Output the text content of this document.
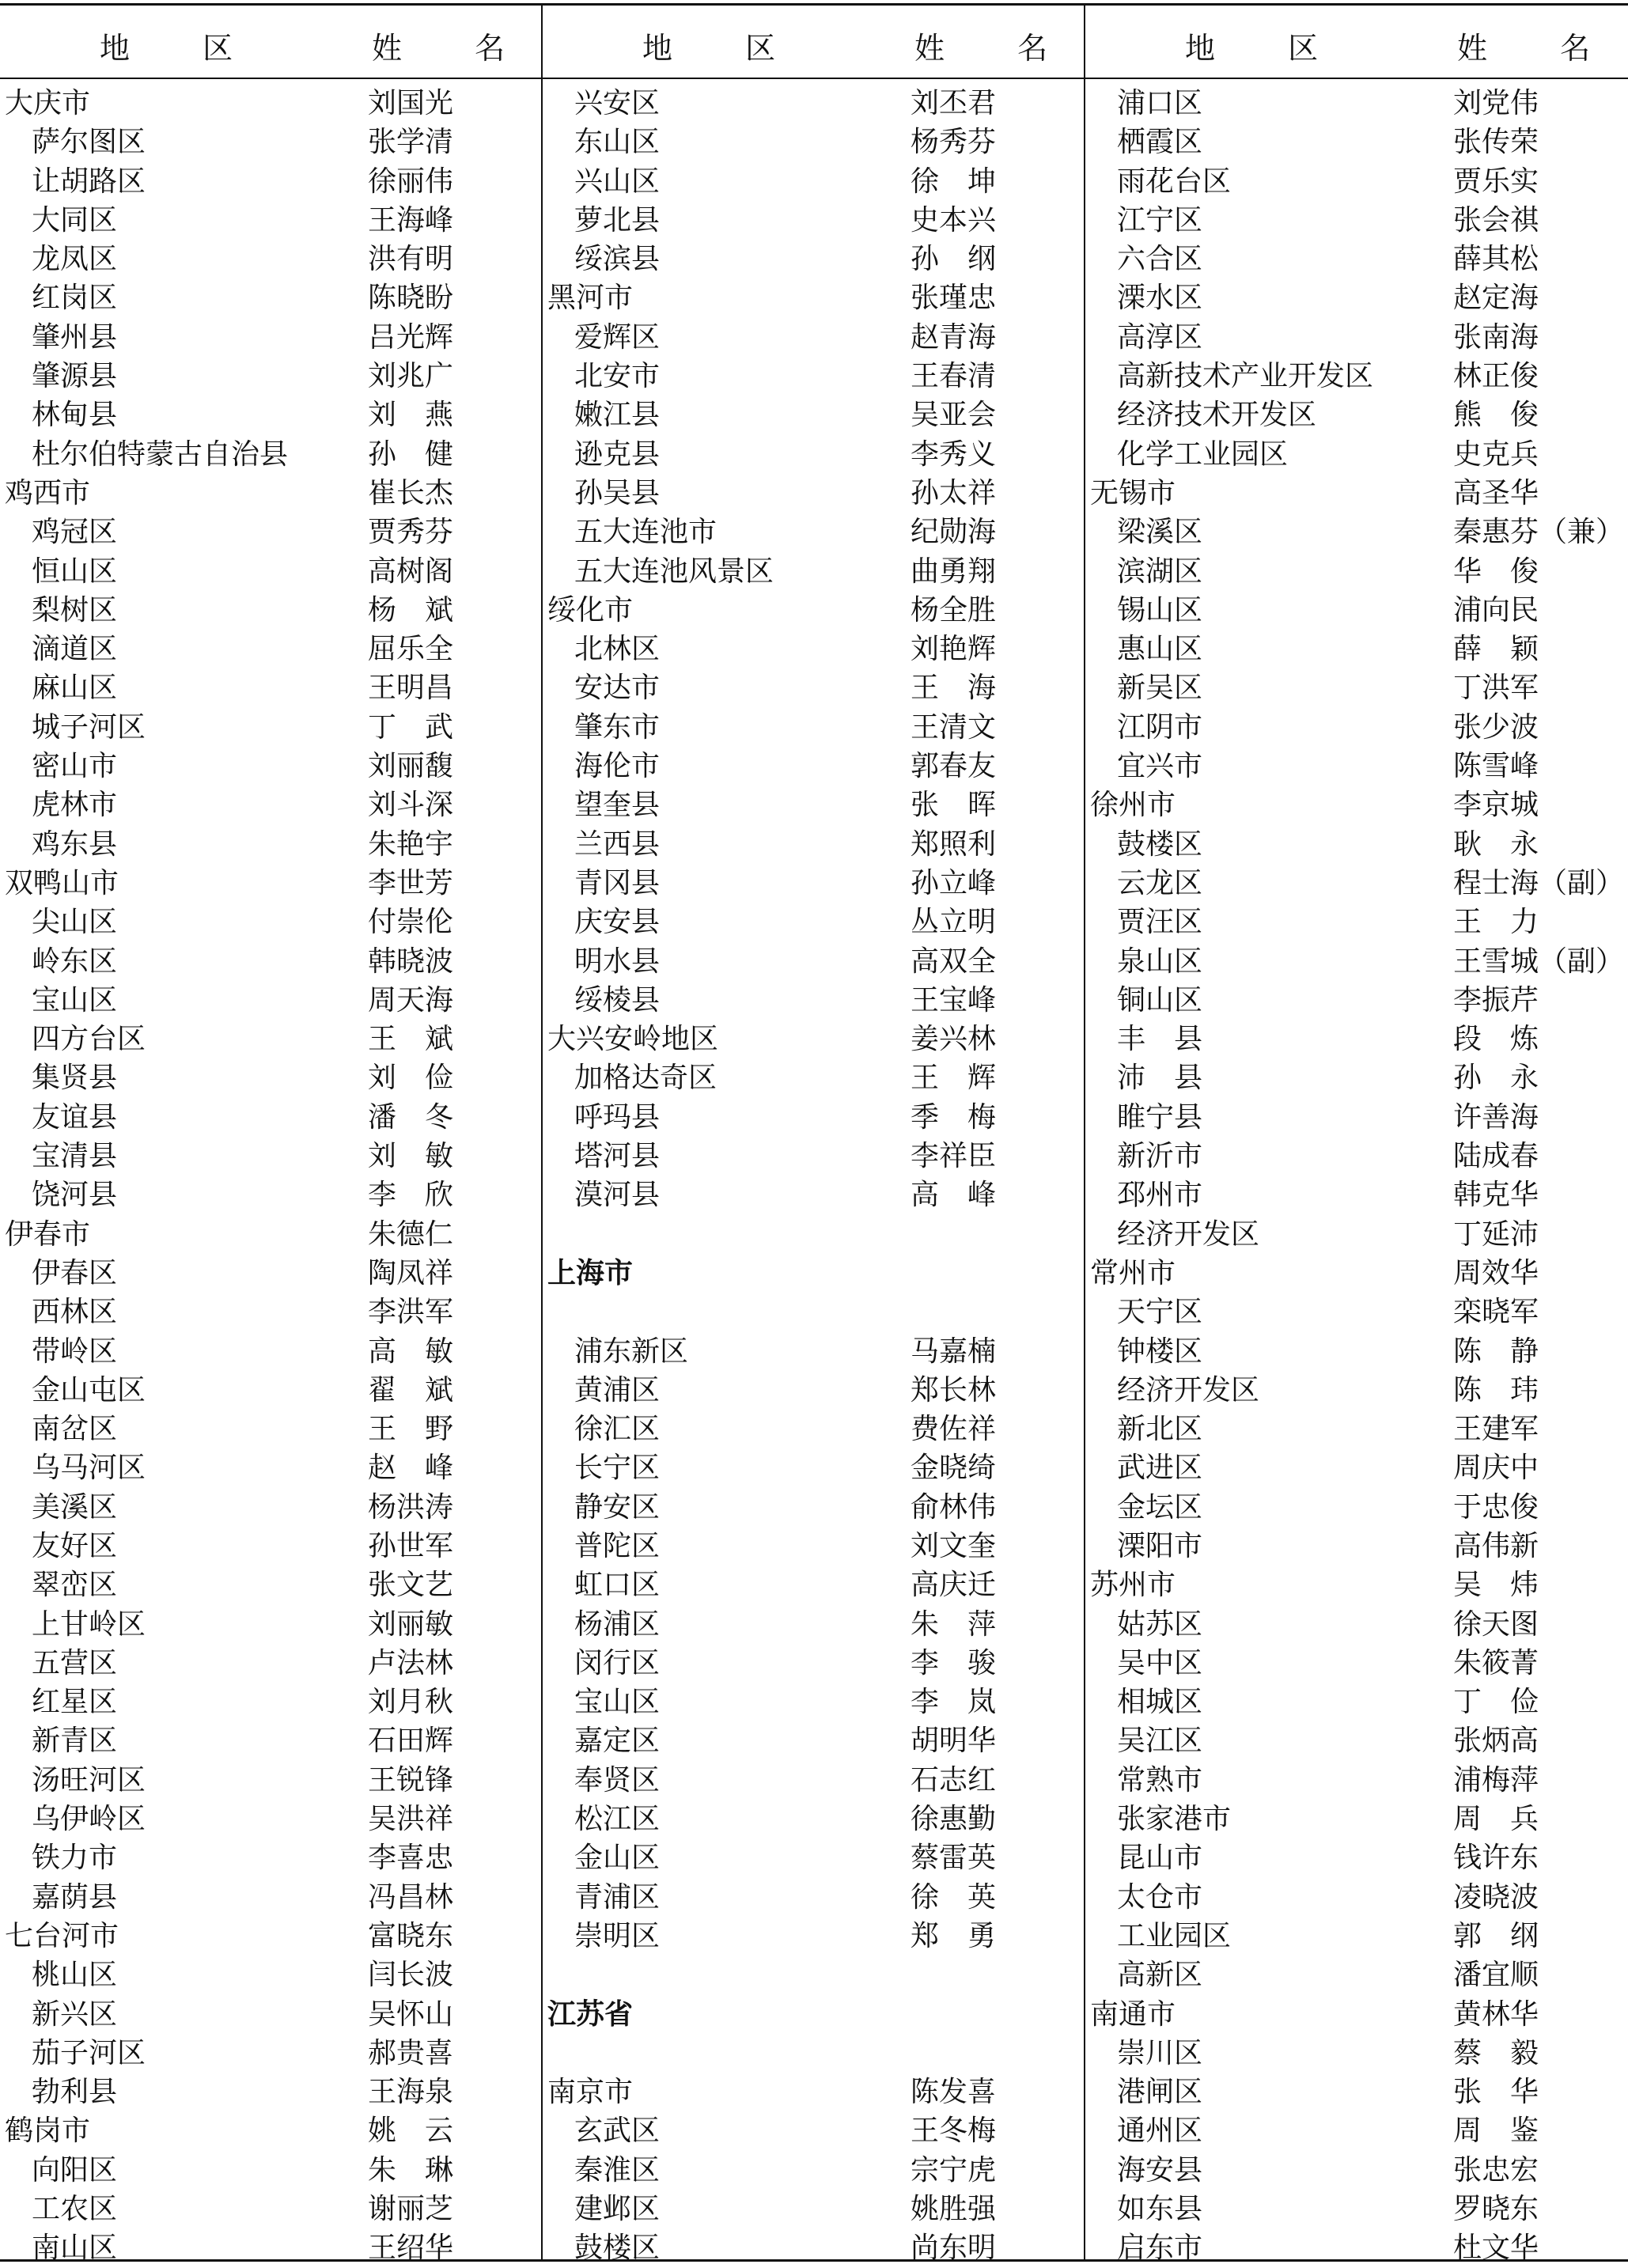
地 区	姓 名
大庆市	刘国光
萨尔图区	张学清
让胡路区	徐丽伟
大同区	王海峰
龙凤区	洪有明
红岗区	陈晓盼
肇州县	吕光辉
肇源县	刘兆广
林甸县	刘　燕
杜尔伯特蒙古自治县	孙　健
鸡西市	崔长杰
鸡冠区	贾秀芬
恒山区	高树阁
梨树区	杨　斌
滴道区	屈乐全
麻山区	王明昌
城子河区	丁　武
密山市	刘丽馥
虎林市	刘斗深
鸡东县	朱艳宇
双鸭山市	李世芳
尖山区	付崇伦
岭东区	韩晓波
宝山区	周天海
四方台区	王　斌
集贤县	刘　俭
友谊县	潘　冬
宝清县	刘　敏
饶河县	李　欣
伊春市	朱德仁
伊春区	陶凤祥
西林区	李洪军
带岭区	高　敏
金山屯区	翟　斌
南岔区	王　野
乌马河区	赵　峰
美溪区	杨洪涛
友好区	孙世军
翠峦区	张文艺
上甘岭区	刘丽敏
五营区	卢法林
红星区	刘月秋
新青区	石田辉
汤旺河区	王锐锋
乌伊岭区	吴洪祥
铁力市	李喜忠
嘉荫县	冯昌林
七台河市	富晓东
桃山区	闫长波
新兴区	吴怀山
茄子河区	郝贵喜
勃利县	王海泉
鹤岗市	姚　云
向阳区	朱　琳
工农区	谢丽芝
南山区	王绍华
地 区	姓 名
兴安区	刘丕君
东山区	杨秀芬
兴山区	徐　坤
萝北县	史本兴
绥滨县	孙　纲
黑河市	张瑾忠
爱辉区	赵青海
北安市	王春清
嫩江县	吴亚会
逊克县	李秀义
孙吴县	孙太祥
五大连池市	纪勋海
五大连池风景区	曲勇翔
绥化市	杨全胜
北林区	刘艳辉
安达市	王　海
肇东市	王清文
海伦市	郭春友
望奎县	张　晖
兰西县	郑照利
青冈县	孙立峰
庆安县	丛立明
明水县	高双全
绥棱县	王宝峰
大兴安岭地区	姜兴林
加格达奇区	王　辉
呼玛县	季　梅
塔河县	李祥臣
漠河县	高　峰
上海市
浦东新区	马嘉楠
黄浦区	郑长林
徐汇区	费佐祥
长宁区	金晓绮
静安区	俞林伟
普陀区	刘文奎
虹口区	高庆迁
杨浦区	朱　萍
闵行区	李　骏
宝山区	李　岚
嘉定区	胡明华
奉贤区	石志红
松江区	徐惠勤
金山区	蔡雷英
青浦区	徐　英
崇明区	郑　勇
江苏省
南京市	陈发喜
玄武区	王冬梅
秦淮区	宗宁虎
建邺区	姚胜强
鼓楼区	尚东明
地 区	姓 名
浦口区	刘党伟
栖霞区	张传荣
雨花台区	贾乐实
江宁区	张会祺
六合区	薛其松
溧水区	赵定海
高淳区	张南海
高新技术产业开发区	林正俊
经济技术开发区	熊　俊
化学工业园区	史克兵
无锡市	高圣华
梁溪区	秦惠芬（兼）
滨湖区	华　俊
锡山区	浦向民
惠山区	薛　颖
新吴区	丁洪军
江阴市	张少波
宜兴市	陈雪峰
徐州市	李京城
鼓楼区	耿　永
云龙区	程士海（副）
贾汪区	王　力
泉山区	王雪城（副）
铜山区	李振芹
丰　县	段　炼
沛　县	孙　永
睢宁县	许善海
新沂市	陆成春
邳州市	韩克华
经济开发区	丁延沛
常州市	周效华
天宁区	栾晓军
钟楼区	陈　静
经济开发区	陈　玮
新北区	王建军
武进区	周庆中
金坛区	于忠俊
溧阳市	高伟新
苏州市	吴　炜
姑苏区	徐天图
吴中区	朱筱菁
相城区	丁　俭
吴江区	张炳高
常熟市	浦梅萍
张家港市	周　兵
昆山市	钱许东
太仓市	凌晓波
工业园区	郭　纲
高新区	潘宜顺
南通市	黄林华
崇川区	蔡　毅
港闸区	张　华
通州区	周　鉴
海安县	张忠宏
如东县	罗晓东
启东市	杜文华
